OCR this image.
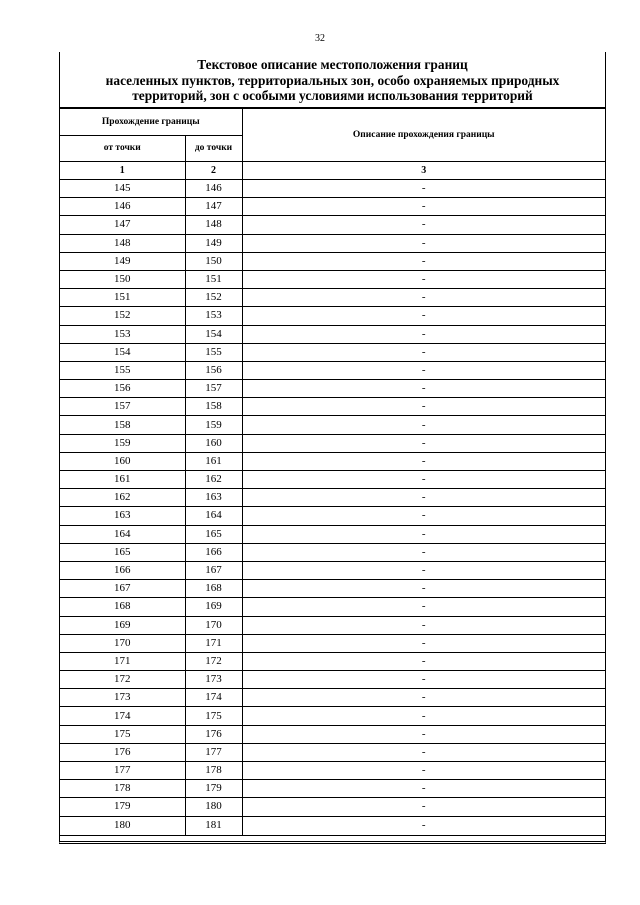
32
Текстовое описание местоположения границ
населенных пунктов, территориальных зон, особо охраняемых природных
территорий, зон с особыми условиями использования территорий
Прохождение границы		Описание прохождения границы
от точки	до точки	
1	2	3
145	146	-
146	147	-
147	148	-
148	149	-
149	150	-
150	151	-
151	152	-
152	153	-
153	154	-
154	155	-
155	156	-
156	157	-
157	158	-
158	159	-
159	160	-
160	161	-
161	162	-
162	163	-
163	164	-
164	165	-
165	166	-
166	167	-
167	168	-
168	169	-
169	170	-
170	171	-
171	172	-
172	173	-
173	174	-
174	175	-
175	176	-
176	177	-
177	178	-
178	179	-
179	180	-
180	181	-
